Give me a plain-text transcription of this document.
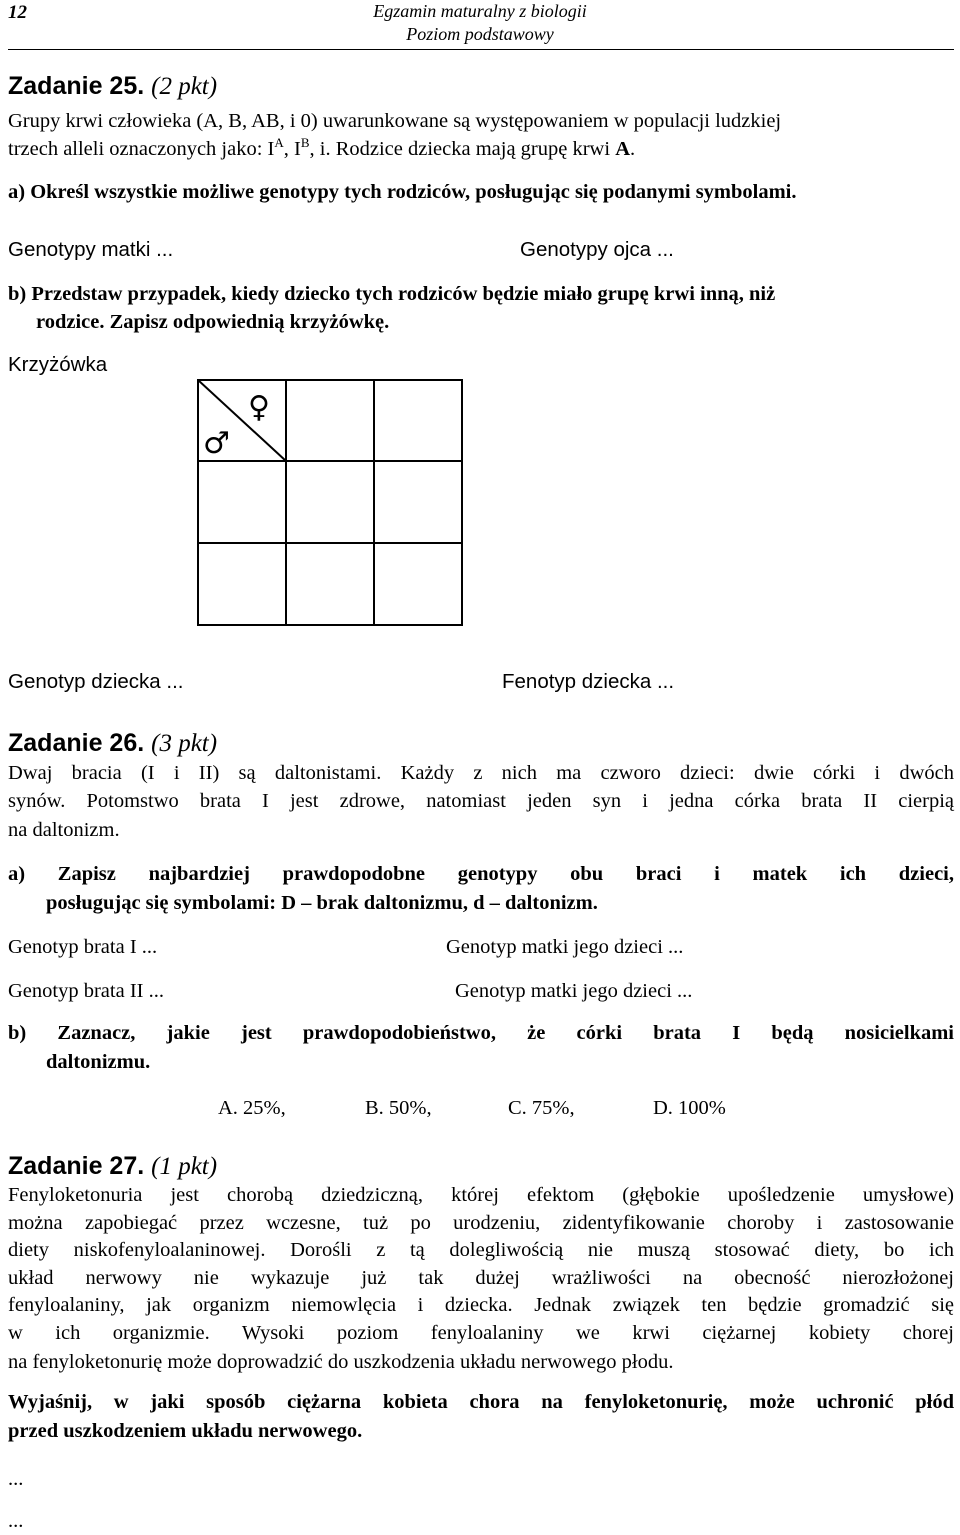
12	Egzamin maturalny z biologii
Poziom podstawowy
Zadanie 25. (2 pkt)
Grupy krwi człowieka (A, B, AB, i 0) uwarunkowane są występowaniem w populacji ludzkiej
trzech alleli oznaczonych jako: $I^A$, $I^B$, i. Rodzice dziecka mają grupę krwi A.
a) Określ wszystkie możliwe genotypy tych rodziców, posługując się podanymi symbolami.
Genotypy matki ...	Genotypy ojca ...
b) Przedstaw przypadek, kiedy dziecko tych rodziców będzie miało grupę krwi inną, niż
rodzice. Zapisz odpowiednią krzyżówkę.
Krzyżówka
♀
♂
Genotyp dziecka ...	Fenotyp dziecka ...
Zadanie 26. (3 pkt)
Dwaj bracia (I i II) są daltonistami. Każdy z nich ma czworo dzieci: dwie córki i dwóch
synów. Potomstwo brata I jest zdrowe, natomiast jeden syn i jedna córka brata II cierpią
na daltonizm.
a) Zapisz najbardziej prawdopodobne genotypy obu braci i matek ich dzieci,
posługując się symbolami: D – brak daltonizmu, d – daltonizm.
Genotyp brata I ...	Genotyp matki jego dzieci ...
Genotyp brata II ...	Genotyp matki jego dzieci ...
b) Zaznacz, jakie jest prawdopodobieństwo, że córki brata I będą nosicielkami
daltonizmu.
A. 25%,	B. 50%,	C. 75%,	D. 100%
Zadanie 27. (1 pkt)
Fenyloketonuria jest chorobą dziedziczną, której efektom (głębokie upośledzenie umysłowe)
można zapobiegać przez wczesne, tuż po urodzeniu, zidentyfikowanie choroby i zastosowanie
diety niskofenyloalaninowej. Dorośli z tą dolegliwością nie muszą stosować diety, bo ich
układ nerwowy nie wykazuje już tak dużej wrażliwości na obecność nierozłożonej
fenyloalaniny, jak organizm niemowlęcia i dziecka. Jednak związek ten będzie gromadzić się
w ich organizmie. Wysoki poziom fenyloalaniny we krwi ciężarnej kobiety chorej
na fenyloketonurię może doprowadzić do uszkodzenia układu nerwowego płodu.
Wyjaśnij, w jaki sposób ciężarna kobieta chora na fenyloketonurię, może uchronić płód
przed uszkodzeniem układu nerwowego.
...
...
